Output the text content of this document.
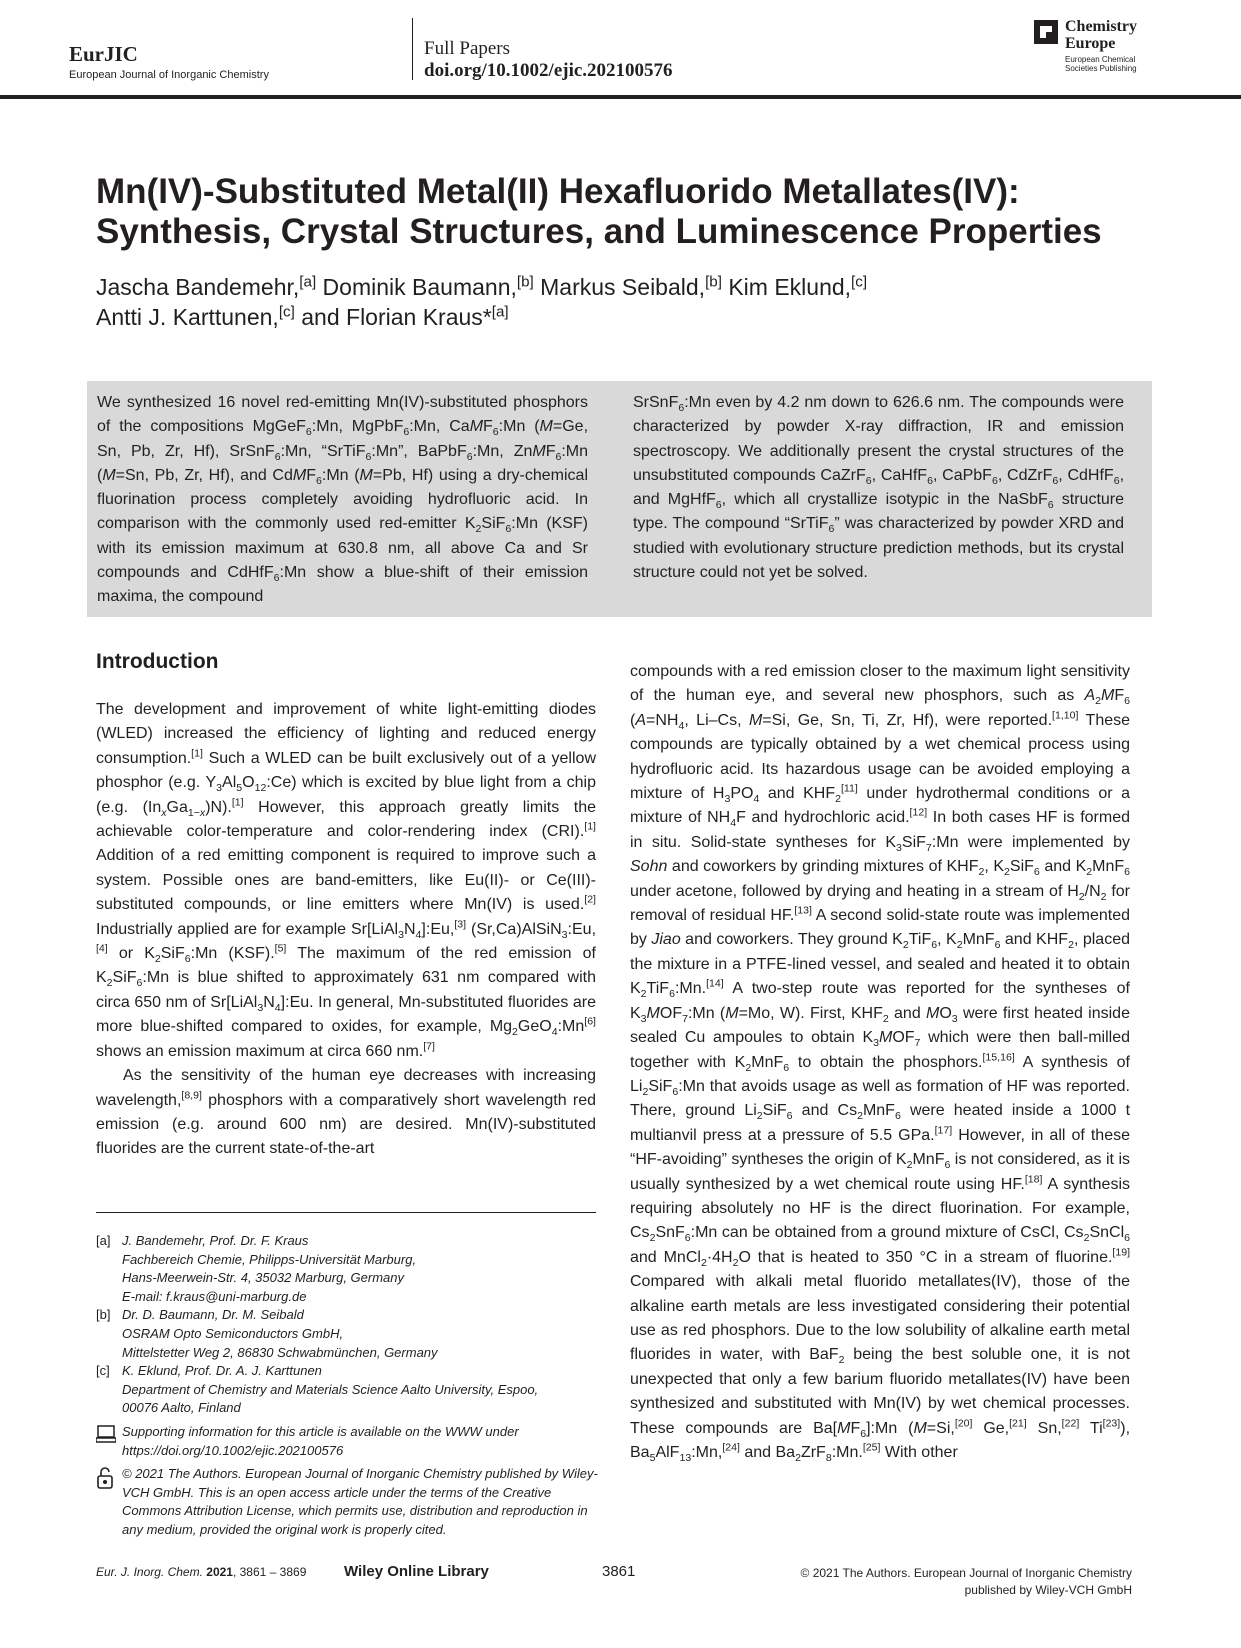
EurJIC
European Journal of Inorganic Chemistry
Full Papers
doi.org/10.1002/ejic.202100576
Chemistry
Europe
European Chemical
Societies Publishing
Mn(IV)-Substituted Metal(II) Hexafluorido Metallates(IV):
Synthesis, Crystal Structures, and Luminescence Properties
Jascha Bandemehr,[a] Dominik Baumann,[b] Markus Seibald,[b] Kim Eklund,[c]
Antti J. Karttunen,[c] and Florian Kraus*[a]
We synthesized 16 novel red-emitting Mn(IV)-substituted phosphors of the compositions MgGeF$_6$:Mn, MgPbF$_6$:Mn, CaMF$_6$:Mn (M=Ge, Sn, Pb, Zr, Hf), SrSnF$_6$:Mn, “SrTiF$_6$:Mn”, BaPbF$_6$:Mn, ZnMF$_6$:Mn (M=Sn, Pb, Zr, Hf), and CdMF$_6$:Mn (M=Pb, Hf) using a dry-chemical fluorination process completely avoiding hydrofluoric acid. In comparison with the commonly used red-emitter $K_2SiF_6:Mn$ (KSF) with its emission maximum at 630.8 nm, all above Ca and Sr compounds and CdHfF$_6$:Mn show a blue-shift of their emission maxima, the compound
SrSnF$_6$:Mn even by 4.2 nm down to 626.6 nm. The compounds were characterized by powder X-ray diffraction, IR and emission spectroscopy. We additionally present the crystal structures of the unsubstituted compounds CaZrF$_6$, CaHfF$_6$, CaPbF$_6$, CdZrF$_6$, CdHfF$_6$, and MgHfF$_6$, which all crystallize isotypic in the NaSbF$_6$ structure type. The compound “SrTiF$_6$” was characterized by powder XRD and studied with evolutionary structure prediction methods, but its crystal structure could not yet be solved.
Introduction

The development and improvement of white light-emitting diodes (WLED) increased the efficiency of lighting and reduced energy consumption.[1] Such a WLED can be built exclusively out of a yellow phosphor (e.g. $Y_3Al_5O_{12}:Ce$) which is excited by blue light from a chip (e.g. $(In_xGa_{1-x})N).[1]$ However, this approach greatly limits the achievable color-temperature and color-rendering index (CRI).[1] Addition of a red emitting component is required to improve such a system. Possible ones are band-emitters, like Eu(II)- or Ce(III)-substituted compounds, or line emitters where Mn(IV) is used.[2] Industrially applied are for example $Sr[LiAl_3N_4]:Eu,[3]$ (Sr,Ca)AlSiN$_3$:Eu,[4] or $K_2SiF_6:Mn$ (KSF).[5] The maximum of the red emission of $K_2SiF_6:Mn$ is blue shifted to approximately 631 nm compared with circa 650 nm of $Sr[LiAl_3N_4]:Eu$. In general, Mn-substituted fluorides are more blue-shifted compared to oxides, for example, $Mg_2GeO_4:Mn[6]$ shows an emission maximum at circa 660 nm.[7]

As the sensitivity of the human eye decreases with increasing wavelength,[8,9] phosphors with a comparatively short wavelength red emission (e.g. around 600 nm) are desired. Mn(IV)-substituted fluorides are the current state-of-the-art

[a] J. Bandemehr, Prof. Dr. F. Kraus
Fachbereich Chemie, Philipps-Universität Marburg,
Hans-Meerwein-Str. 4, 35032 Marburg, Germany
E-mail: f.kraus@uni-marburg.de
[b] Dr. D. Baumann, Dr. M. Seibald
OSRAM Opto Semiconductors GmbH,
Mittelstetter Weg 2, 86830 Schwabmünchen, Germany
[c] K. Eklund, Prof. Dr. A. J. Karttunen
Department of Chemistry and Materials Science Aalto University, Espoo,
00076 Aalto, Finland
Supporting information for this article is available on the WWW under https://doi.org/10.1002/ejic.202100576
© 2021 The Authors. European Journal of Inorganic Chemistry published by Wiley-VCH GmbH. This is an open access article under the terms of the Creative Commons Attribution License, which permits use, distribution and reproduction in any medium, provided the original work is properly cited.

compounds with a red emission closer to the maximum light sensitivity of the human eye, and several new phosphors, such as $A_2MF_6$ ($A=NH_4$, Li–Cs, M=Si, Ge, Sn, Ti, Zr, Hf), were reported.[1,10] These compounds are typically obtained by a wet chemical process using hydrofluoric acid. Its hazardous usage can be avoided employing a mixture of $H_3PO_4$ and $KHF_2[11]$ under hydrothermal conditions or a mixture of $NH_4F$ and hydrochloric acid.[12] In both cases HF is formed in situ. Solid-state syntheses for $K_3SiF_7:Mn$ were implemented by Sohn and coworkers by grinding mixtures of $KHF_2$, $K_2SiF_6$ and $K_2MnF_6$ under acetone, followed by drying and heating in a stream of $H_2/N_2$ for removal of residual HF.[13] A second solid-state route was implemented by Jiao and coworkers. They ground $K_2TiF_6$, $K_2MnF_6$ and $KHF_2$, placed the mixture in a PTFE-lined vessel, and sealed and heated it to obtain $K_2TiF_6:Mn.[14]$ A two-step route was reported for the syntheses of $K_3MOF_7:Mn$ (M=Mo, W). First, $KHF_2$ and $MO_3$ were first heated inside sealed Cu ampoules to obtain $K_3MOF_7$ which were then ball-milled together with $K_2MnF_6$ to obtain the phosphors.[15,16] A synthesis of $Li_2SiF_6:Mn$ that avoids usage as well as formation of HF was reported. There, ground $Li_2SiF_6$ and $Cs_2MnF_6$ were heated inside a 1000 t multianvil press at a pressure of 5.5 GPa.[17] However, in all of these “HF-avoiding” syntheses the origin of $K_2MnF_6$ is not considered, as it is usually synthesized by a wet chemical route using HF.[18] A synthesis requiring absolutely no HF is the direct fluorination. For example, $Cs_2SnF_6:Mn$ can be obtained from a ground mixture of CsCl, $Cs_2SnCl_6$ and $MnCl_2\cdot 4H_2O$ that is heated to 350 °C in a stream of fluorine.[19] Compared with alkali metal fluorido metallates(IV), those of the alkaline earth metals are less investigated considering their potential use as red phosphors. Due to the low solubility of alkaline earth metal fluorides in water, with BaF$_2$ being the best soluble one, it is not unexpected that only a few barium fluorido metallates(IV) have been synthesized and substituted with Mn(IV) by wet chemical processes. These compounds are $Ba[MF_6]:Mn$ (M=Si,[20] Ge,[21] Sn,[22] Ti[23]), $Ba_5AlF_{13}:Mn,[24]$ and $Ba_2ZrF_8:Mn.[25]$ With other

Eur. J. Inorg. Chem. 2021, 3861 – 3869	Wiley Online Library	3861	© 2021 The Authors. European Journal of Inorganic Chemistry
published by Wiley-VCH GmbH
